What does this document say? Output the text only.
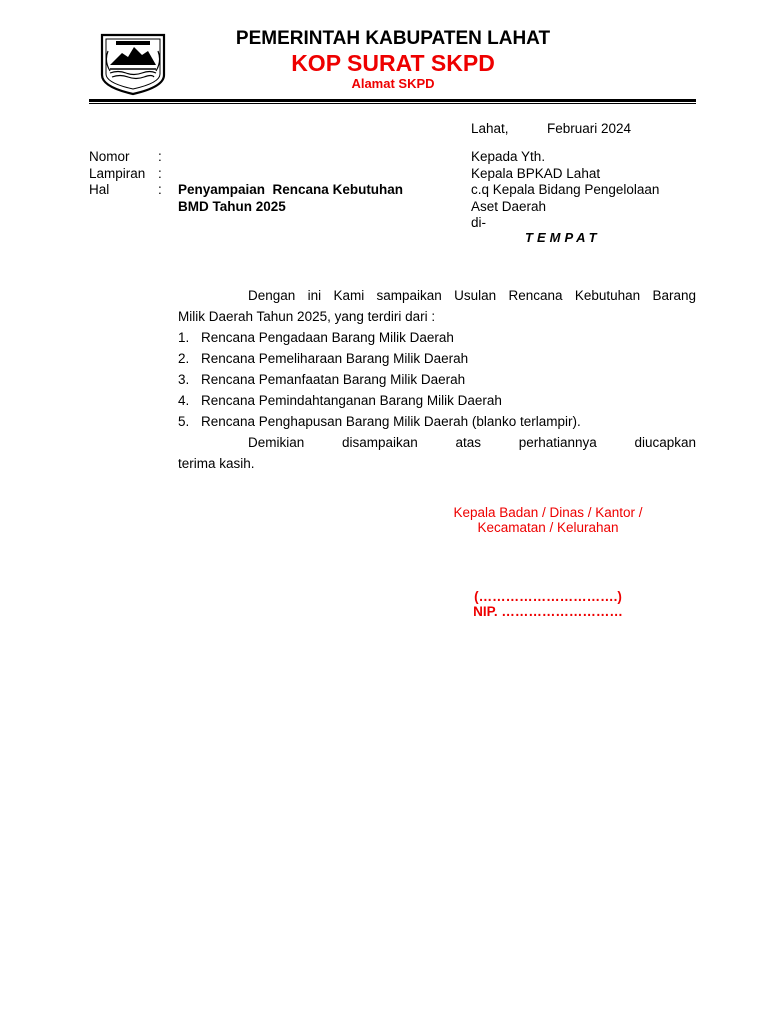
PEMERINTAH KABUPATEN LAHAT
KOP SURAT SKPD
Alamat SKPD
Lahat,	Februari 2024
Nomor :
Lampiran :
Hal	: Penyampaian  Rencana Kebutuhan
BMD Tahun 2025
Kepada Yth.
Kepala BPKAD Lahat
c.q Kepala Bidang Pengelolaan
Aset Daerah
di-
TEMPAT
Dengan ini Kami sampaikan Usulan Rencana Kebutuhan Barang
Milik Daerah Tahun 2025, yang terdiri dari :
1. Rencana Pengadaan Barang Milik Daerah
2. Rencana Pemeliharaan Barang Milik Daerah
3. Rencana Pemanfaatan Barang Milik Daerah
4. Rencana Pemindahtanganan Barang Milik Daerah
5. Rencana Penghapusan Barang Milik Daerah (blanko terlampir).
Demikian disampaikan atas perhatiannya diucapkan
terima kasih.
Kepala Badan / Dinas / Kantor /
Kecamatan / Kelurahan
(………………………….)
NIP. ………………………
